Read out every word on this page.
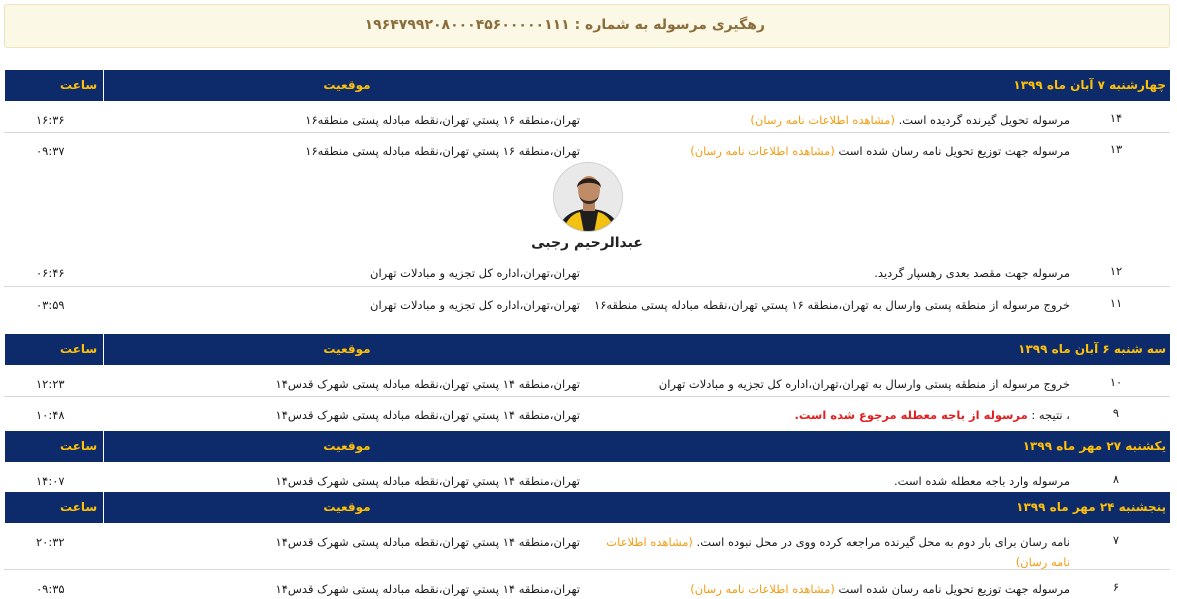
رهگیری مرسوله به شماره : ۱۹۶۴۷۹۹۲۰۸۰۰۰۴۵۶۰۰۰۰۰۱۱۱
چهارشنبه ۷ آبان ماه ۱۳۹۹
موقعیت
ساعت
۱۴
مرسوله تحویل گیرنده گردیده است. (مشاهده اطلاعات نامه رسان)
تهران،منطقه ۱۶ پستي تهران،نقطه مبادله پستی منطقه۱۶
۱۶:۳۶
۱۳
مرسوله جهت توزیع تحویل نامه رسان شده است (مشاهده اطلاعات نامه رسان)
تهران،منطقه ۱۶ پستي تهران،نقطه مبادله پستی منطقه۱۶
۰۹:۳۷
عبدالرحیم رجبی
۱۲
مرسوله جهت مقصد بعدی رهسپار گردید.
تهران،تهران،اداره کل تجزیه و مبادلات تهران
۰۶:۴۶
۱۱
خروج مرسوله از منطقه پستی وارسال به تهران،منطقه ۱۶ پستي تهران،نقطه مبادله پستی منطقه۱۶
تهران،تهران،اداره کل تجزیه و مبادلات تهران
۰۳:۵۹
سه شنبه ۶ آبان ماه ۱۳۹۹
موقعیت
ساعت
۱۰
خروج مرسوله از منطقه پستی وارسال به تهران،تهران،اداره کل تجزیه و مبادلات تهران
تهران،منطقه ۱۴ پستي تهران،نقطه مبادله پستی شهرک قدس۱۴
۱۲:۲۳
۹
، نتیجه : مرسوله از باجه معطله مرجوع شده است.
تهران،منطقه ۱۴ پستي تهران،نقطه مبادله پستی شهرک قدس۱۴
۱۰:۴۸
یکشنبه ۲۷ مهر ماه ۱۳۹۹
موقعیت
ساعت
۸
مرسوله وارد باجه معطله شده است.
تهران،منطقه ۱۴ پستي تهران،نقطه مبادله پستی شهرک قدس۱۴
۱۴:۰۷
پنجشنبه ۲۴ مهر ماه ۱۳۹۹
موقعیت
ساعت
۷
نامه رسان برای بار دوم به محل گیرنده مراجعه کرده ووی در محل نبوده است. (مشاهده اطلاعات نامه رسان)
تهران،منطقه ۱۴ پستي تهران،نقطه مبادله پستی شهرک قدس۱۴
۲۰:۳۲
۶
مرسوله جهت توزیع تحویل نامه رسان شده است (مشاهده اطلاعات نامه رسان)
تهران،منطقه ۱۴ پستي تهران،نقطه مبادله پستی شهرک قدس۱۴
۰۹:۳۵
